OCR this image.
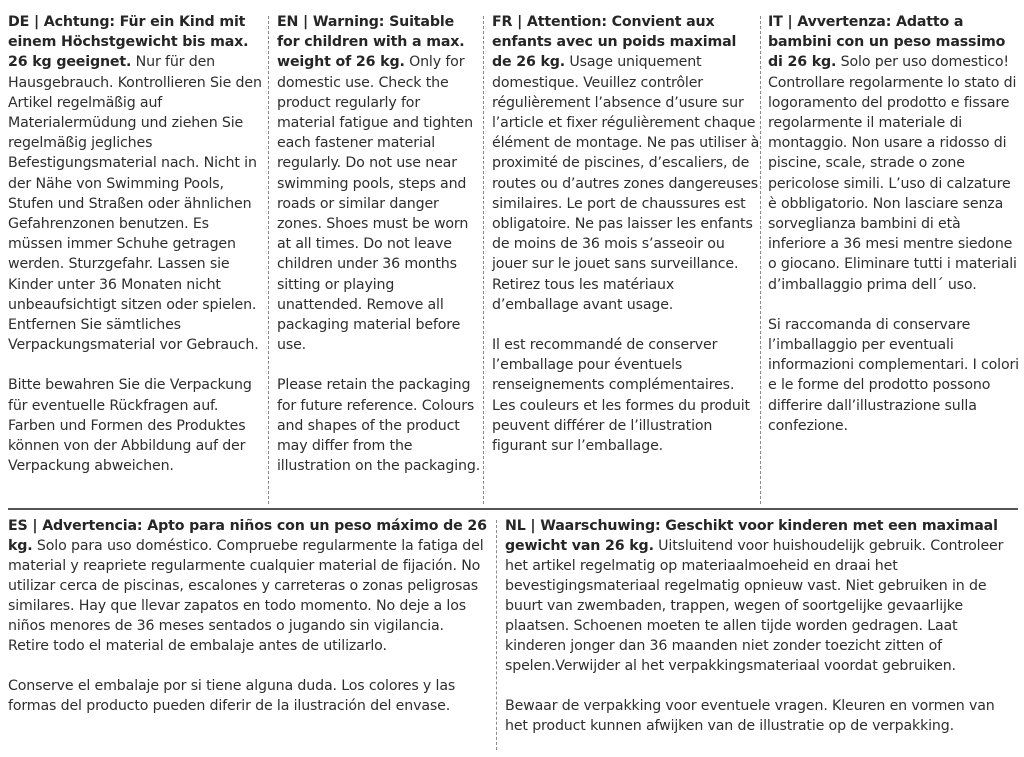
DE | Achtung: Für ein Kind mit einem Höchstgewicht bis max. 26 kg geeignet. Nur für den Hausgebrauch. Kontrollieren Sie den Artikel regelmäßig auf Materialermüdung und ziehen Sie regelmäßig jegliches Befestigungsmaterial nach. Nicht in der Nähe von Swimming Pools, Stufen und Straßen oder ähnlichen Gefahrenzonen benutzen. Es müssen immer Schuhe getragen werden. Sturzgefahr. Lassen sie Kinder unter 36 Monaten nicht unbeaufsichtigt sitzen oder spielen. Entfernen Sie sämtliches Verpackungsmaterial vor Gebrauch.

Bitte bewahren Sie die Verpackung für eventuelle Rückfragen auf. Farben und Formen des Produktes können von der Abbildung auf der Verpackung abweichen.

EN | Warning: Suitable for children with a max. weight of 26 kg. Only for domestic use. Check the product regularly for material fatigue and tighten each fastener material regularly. Do not use near swimming pools, steps and roads or similar danger zones. Shoes must be worn at all times. Do not leave children under 36 months sitting or playing unattended. Remove all packaging material before use.

Please retain the packaging for future reference. Colours and shapes of the product may differ from the illustration on the packaging.

FR | Attention: Convient aux enfants avec un poids maximal de 26 kg. Usage uniquement domestique. Veuillez contrôler régulièrement l’absence d’usure sur l’article et fixer régulièrement chaque élément de montage. Ne pas utiliser à proximité de piscines, d’escaliers, de routes ou d’autres zones dangereuses similaires. Le port de chaussures est obligatoire. Ne pas laisser les enfants de moins de 36 mois s’asseoir ou jouer sur le jouet sans surveillance. Retirez tous les matériaux d’emballage avant usage.

Il est recommandé de conserver l’emballage pour éventuels renseignements complémentaires. Les couleurs et les formes du produit peuvent différer de l’illustration figurant sur l’emballage.

IT | Avvertenza: Adatto a bambini con un peso massimo di 26 kg. Solo per uso domestico! Controllare regolarmente lo stato di logoramento del prodotto e fissare regolarmente il materiale di montaggio. Non usare a ridosso di piscine, scale, strade o zone pericolose simili. L’uso di calzature è obbligatorio. Non lasciare senza sorveglianza bambini di età inferiore a 36 mesi mentre siedone o giocano. Eliminare tutti i materiali d’imballaggio prima dell´ uso.

Si raccomanda di conservare l’imballaggio per eventuali informazioni complementari. I colori e le forme del prodotto possono differire dall’illustrazione sulla confezione.

ES | Advertencia: Apto para niños con un peso máximo de 26 kg. Solo para uso doméstico. Compruebe regularmente la fatiga del material y reapriete regularmente cualquier material de fijación. No utilizar cerca de piscinas, escalones y carreteras o zonas peligrosas similares. Hay que llevar zapatos en todo momento. No deje a los niños menores de 36 meses sentados o jugando sin vigilancia. Retire todo el material de embalaje antes de utilizarlo.

Conserve el embalaje por si tiene alguna duda. Los colores y las formas del producto pueden diferir de la ilustración del envase.

NL | Waarschuwing: Geschikt voor kinderen met een maximaal gewicht van 26 kg. Uitsluitend voor huishoudelijk gebruik. Controleer het artikel regelmatig op materiaalmoeheid en draai het bevestigingsmateriaal regelmatig opnieuw vast. Niet gebruiken in de buurt van zwembaden, trappen, wegen of soortgelijke gevaarlijke plaatsen. Schoenen moeten te allen tijde worden gedragen. Laat kinderen jonger dan 36 maanden niet zonder toezicht zitten of spelen.Verwijder al het verpakkingsmateriaal voordat gebruiken.

Bewaar de verpakking voor eventuele vragen. Kleuren en vormen van het product kunnen afwijken van de illustratie op de verpakking.
